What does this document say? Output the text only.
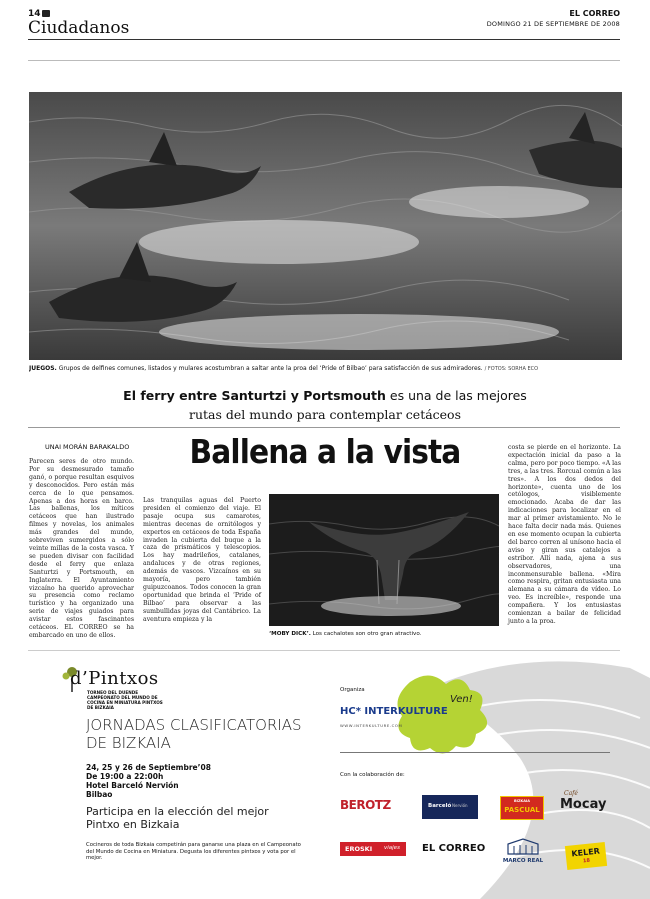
14
Ciudadanos
EL CORREO
DOMINGO 21 DE SEPTIEMBRE DE 2008
JUEGOS. Grupos de delfines comunes, listados y mulares acostumbran a saltar ante la proa del ‘Pride of Bilbao’ para satisfacción de sus admiradores. / FOTOS: SORHA ECO
El ferry entre Santurtzi y Portsmouth es una de las mejores
rutas del mundo para contemplar cetáceos
UNAI MORÁN BARAKALDO	Ballena a la vista
Parecen seres de otro mundo. Por su desmesurado tamaño ganó, o porque resultan esquivos y desconocidos. Pero están más cerca de lo que pensamos. Apenas a dos horas en barco. Las ballenas, los míticos cetáceos que han ilustrado filmes y novelas, los animales más grandes del mundo, sobreviven sumergidos a sólo veinte millas de la costa vasca. Y se pueden divisar con facilidad desde el ferry que enlaza Santurtzi y Portsmouth, en Inglaterra. El Ayuntamiento vizcaíno ha querido aprovechar su presencia como reclamo turístico y ha organizado una serie de viajes guiados para avistar estos fascinantes cetáceos. EL CORREO se ha embarcado en uno de ellos.
Las tranquilas aguas del Puerto presiden el comienzo del viaje. El pasaje ocupa sus camarotes, mientras decenas de ornitólogos y expertos en cetáceos de toda España invaden la cubierta del buque a la caza de prismáticos y telescopios. Los hay madrileños, catalanes, andaluces y de otras regiones, además de vascos. Vizcaínos en su mayoría, pero también guipuzcoanos. Todos conocen la gran oportunidad que brinda el ‘Pride of Bilbao’ para observar a las sumbullidas joyas del Cantábrico. La aventura empieza y la
‘MOBY DICK’. Los cachalotes son otro gran atractivo.
costa se pierde en el horizonte. La expectación inicial da paso a la calma, pero por poco tiempo. «A las tres, a las tres. Rorcual común a las tres». A los dos dedos del horizonte», cuenta uno de los cetólogos, visiblemente emocionado. Acaba de dar las indicaciones para localizar en el mar al primer avistamiento. No le hace falta decir nada más. Quienes en ese momento ocupan la cubierta del barco corren al unísono hacia el aviso y giran sus catalejos a estribor. Allí nada, ajena a sus observadores, una inconmensurable ballena. «Mira como respira, gritan entusiasta una alemana a su cámara de vídeo. Lo veo. Es increíble», responde una compañera. Y los entusiastas comienzan a bailar de felicidad junto a la proa.
Ven!
d’Pintxos
TORNEO DEL DUENDE CAMPEONATO DEL MUNDO DE COCINA EN MINIATURA PINTXOS DE BIZKAIA
JORNADAS CLASIFICATORIAS
DE BIZKAIA
24, 25 y 26 de Septiembre’08
De 19:00 a 22:00h
Hotel Barceló Nervión
Bilbao
Participa en la elección del mejor
Pintxo en Bizkaia
Cocineros de toda Bizkaia competirán para ganarse una plaza en el Campeonato del Mundo de Cocina en Miniatura. Degusta los diferentes pintxos y vota por el mejor.
Organiza
HC* INTERKULTURE
WWW.INTERKULTURE.COM
Con la colaboración de:
BEROTZ	Barceló Nervión
BIZKAIA
PASCUAL
Café
Mocay
EROSKI viajes EL CORREO
MARCO REAL
KELER
18
